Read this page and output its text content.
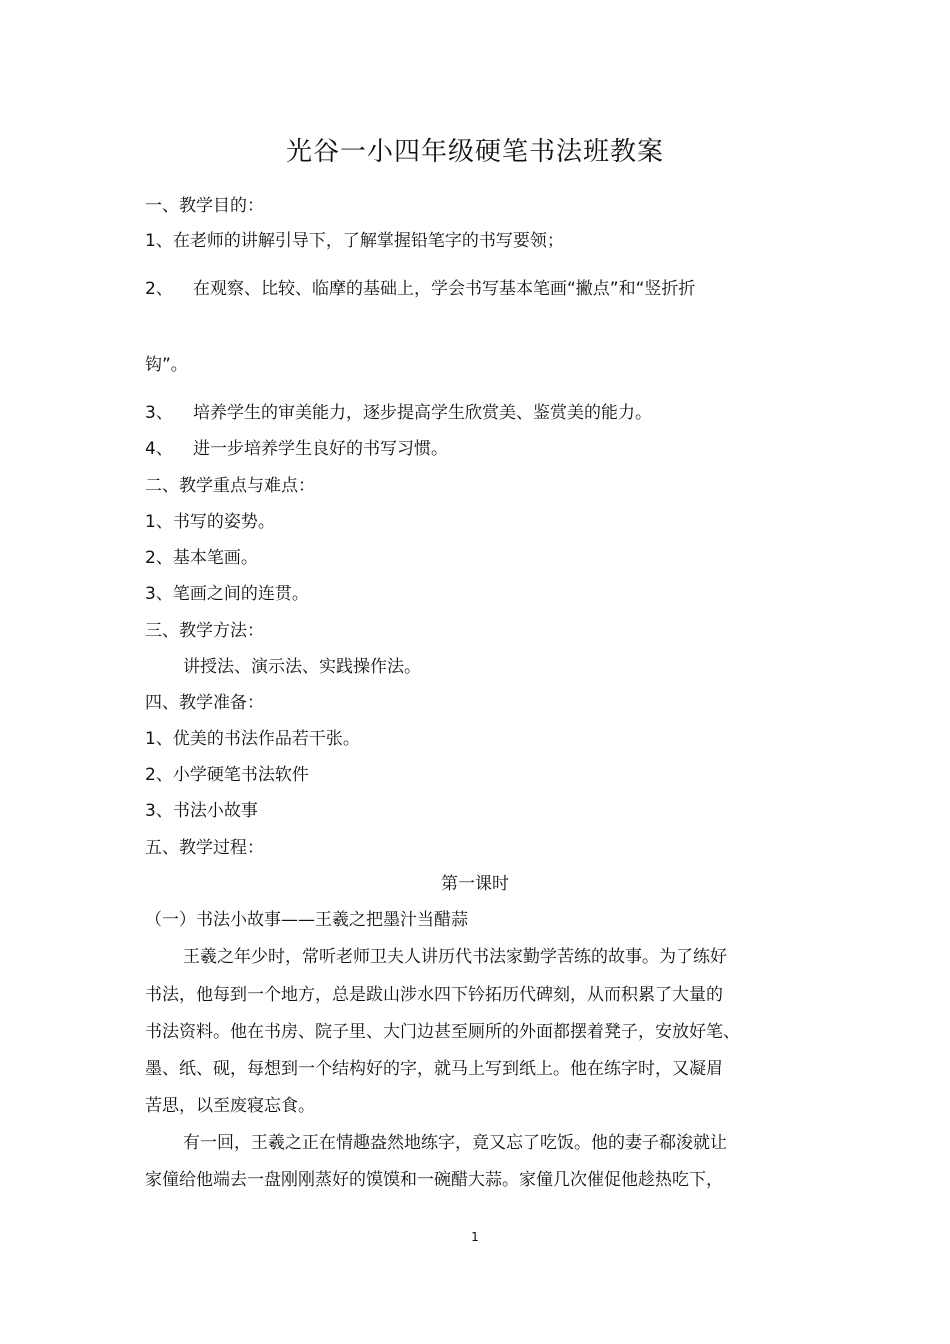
光谷一小四年级硬笔书法班教案
一、教学目的：
1、在老师的讲解引导下，了解掌握铅笔字的书写要领；
2、 在观察、比较、临摩的基础上，学会书写基本笔画“撇点”和“竖折折
钩”。
3、 培养学生的审美能力，逐步提高学生欣赏美、鉴赏美的能力。
4、 进一步培养学生良好的书写习惯。
二、教学重点与难点：
1、书写的姿势。
2、基本笔画。
3、笔画之间的连贯。
三、教学方法：
讲授法、演示法、实践操作法。
四、教学准备：
1、优美的书法作品若干张。
2、小学硬笔书法软件
3、书法小故事
五、教学过程：
第一课时
（一）书法小故事——王羲之把墨汁当醋蒜
王羲之年少时，常听老师卫夫人讲历代书法家勤学苦练的故事。为了练好
书法，他每到一个地方，总是跋山涉水四下钤拓历代碑刻，从而积累了大量的
书法资料。他在书房、院子里、大门边甚至厕所的外面都摆着凳子，安放好笔、
墨、纸、砚，每想到一个结构好的字，就马上写到纸上。他在练字时，又凝眉
苦思，以至废寝忘食。
有一回，王羲之正在情趣盎然地练字，竟又忘了吃饭。他的妻子郗浚就让
家僮给他端去一盘刚刚蒸好的馍馍和一碗醋大蒜。家僮几次催促他趁热吃下，
1
